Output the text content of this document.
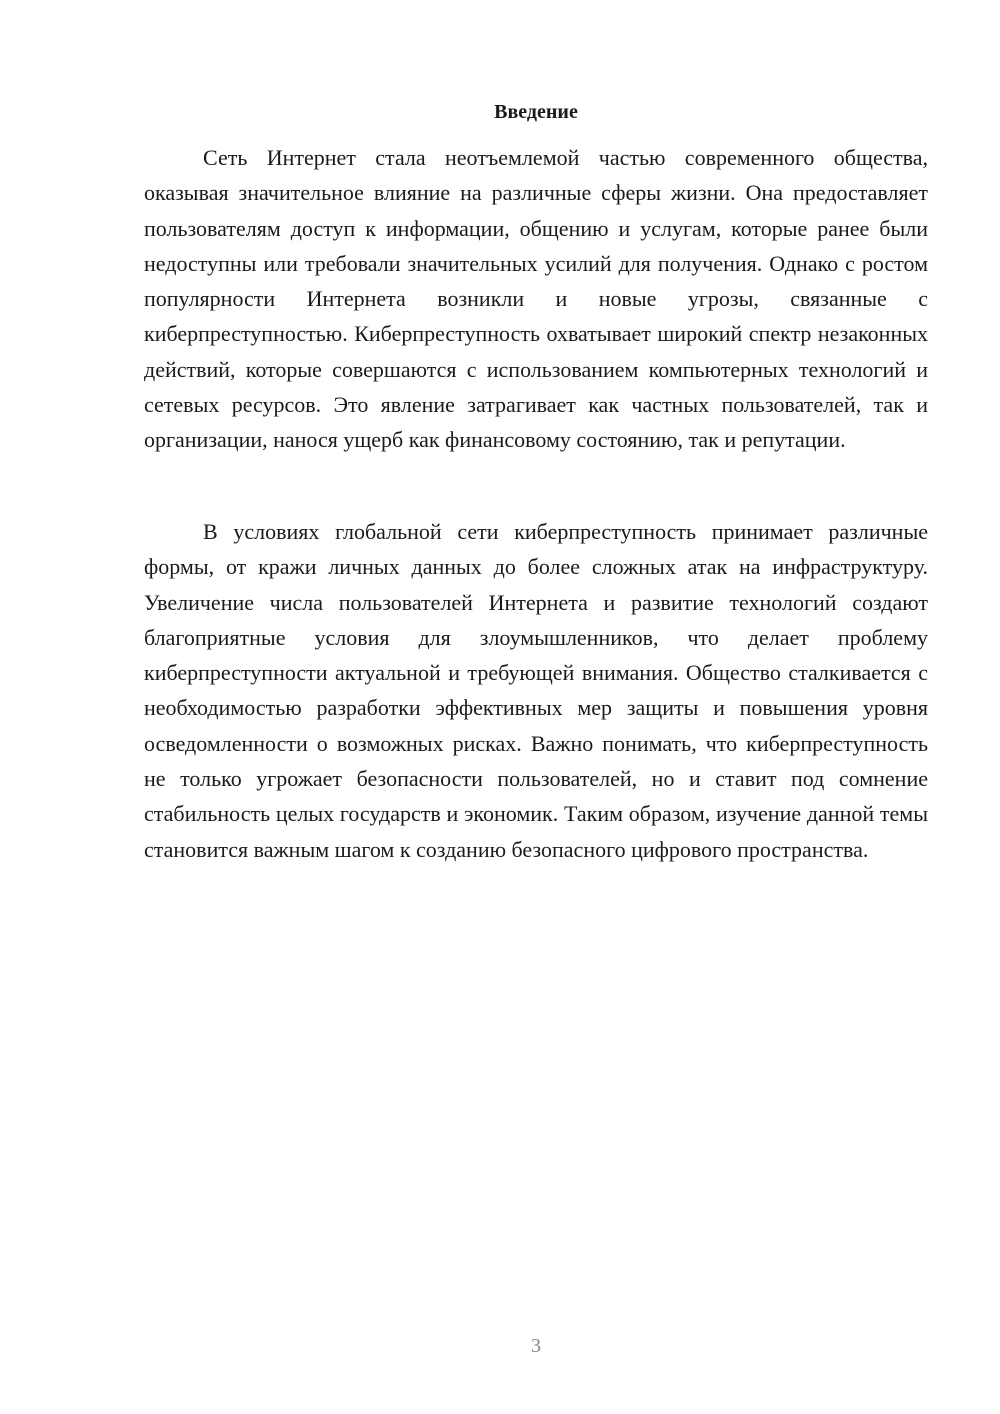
Введение

Сеть Интернет стала неотъемлемой частью современного общества, оказывая значительное влияние на различные сферы жизни. Она предоставляет пользователям доступ к информации, общению и услугам, которые ранее были недоступны или требовали значительных усилий для получения. Однако с ростом популярности Интернета возникли и новые угрозы, связанные с киберпреступностью. Киберпреступность охватывает широкий спектр незаконных действий, которые совершаются с использованием компьютерных технологий и сетевых ресурсов. Это явление затрагивает как частных пользователей, так и организации, нанося ущерб как финансовому состоянию, так и репутации.

В условиях глобальной сети киберпреступность принимает различные формы, от кражи личных данных до более сложных атак на инфраструктуру. Увеличение числа пользователей Интернета и развитие технологий создают благоприятные условия для злоумышленников, что делает проблему киберпреступности актуальной и требующей внимания. Общество сталкивается с необходимостью разработки эффективных мер защиты и повышения уровня осведомленности о возможных рисках. Важно понимать, что киберпреступность не только угрожает безопасности пользователей, но и ставит под сомнение стабильность целых государств и экономик. Таким образом, изучение данной темы становится важным шагом к созданию безопасного цифрового пространства.

3
